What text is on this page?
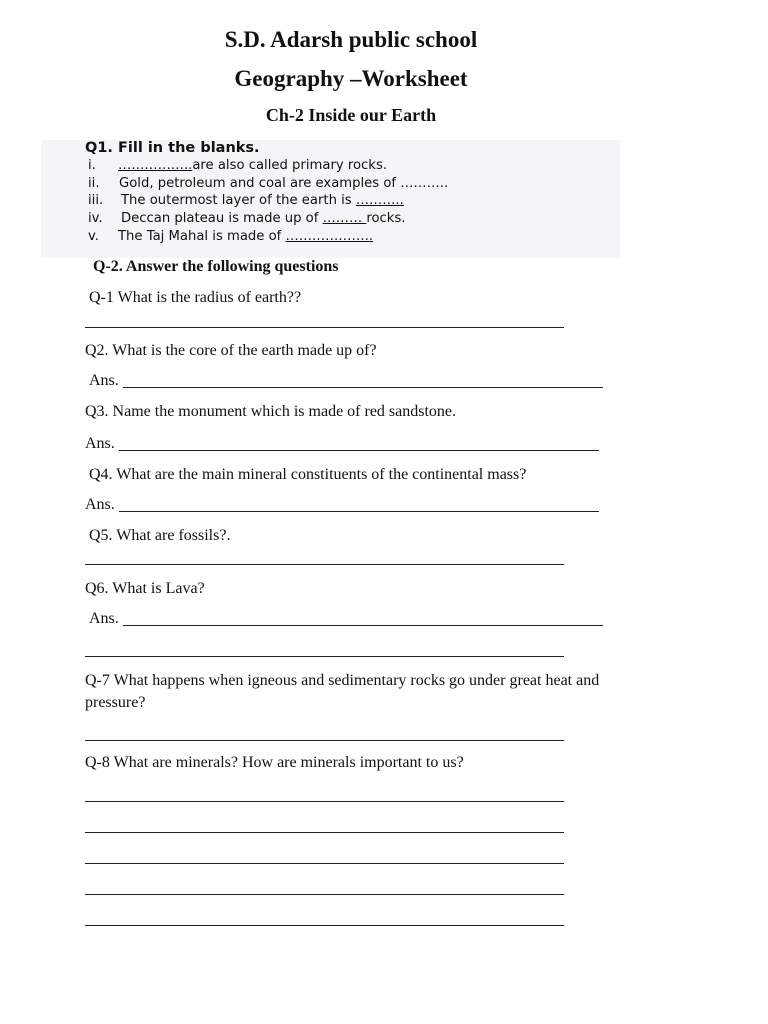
S.D. Adarsh public school
Geography –Worksheet
Ch-2 Inside our Earth
Q1. Fill in the blanks.
i. ……………..are also called primary rocks.
ii. Gold, petroleum and coal are examples of ………..
iii. The outermost layer of the earth is ………..
iv. Deccan plateau is made up of ……… rocks.
v. The Taj Mahal is made of ………………..
Q-2. Answer the following questions
Q-1 What is the radius of earth??
Q2. What is the core of the earth made up of?
Ans.
Q3. Name the monument which is made of red sandstone.
Ans.
Q4. What are the main mineral constituents of the continental mass?
Ans.
Q5. What are fossils?.
Q6. What is Lava?
Ans.
Q-7 What happens when igneous and sedimentary rocks go under great heat and
pressure?
Q-8 What are minerals? How are minerals important to us?
